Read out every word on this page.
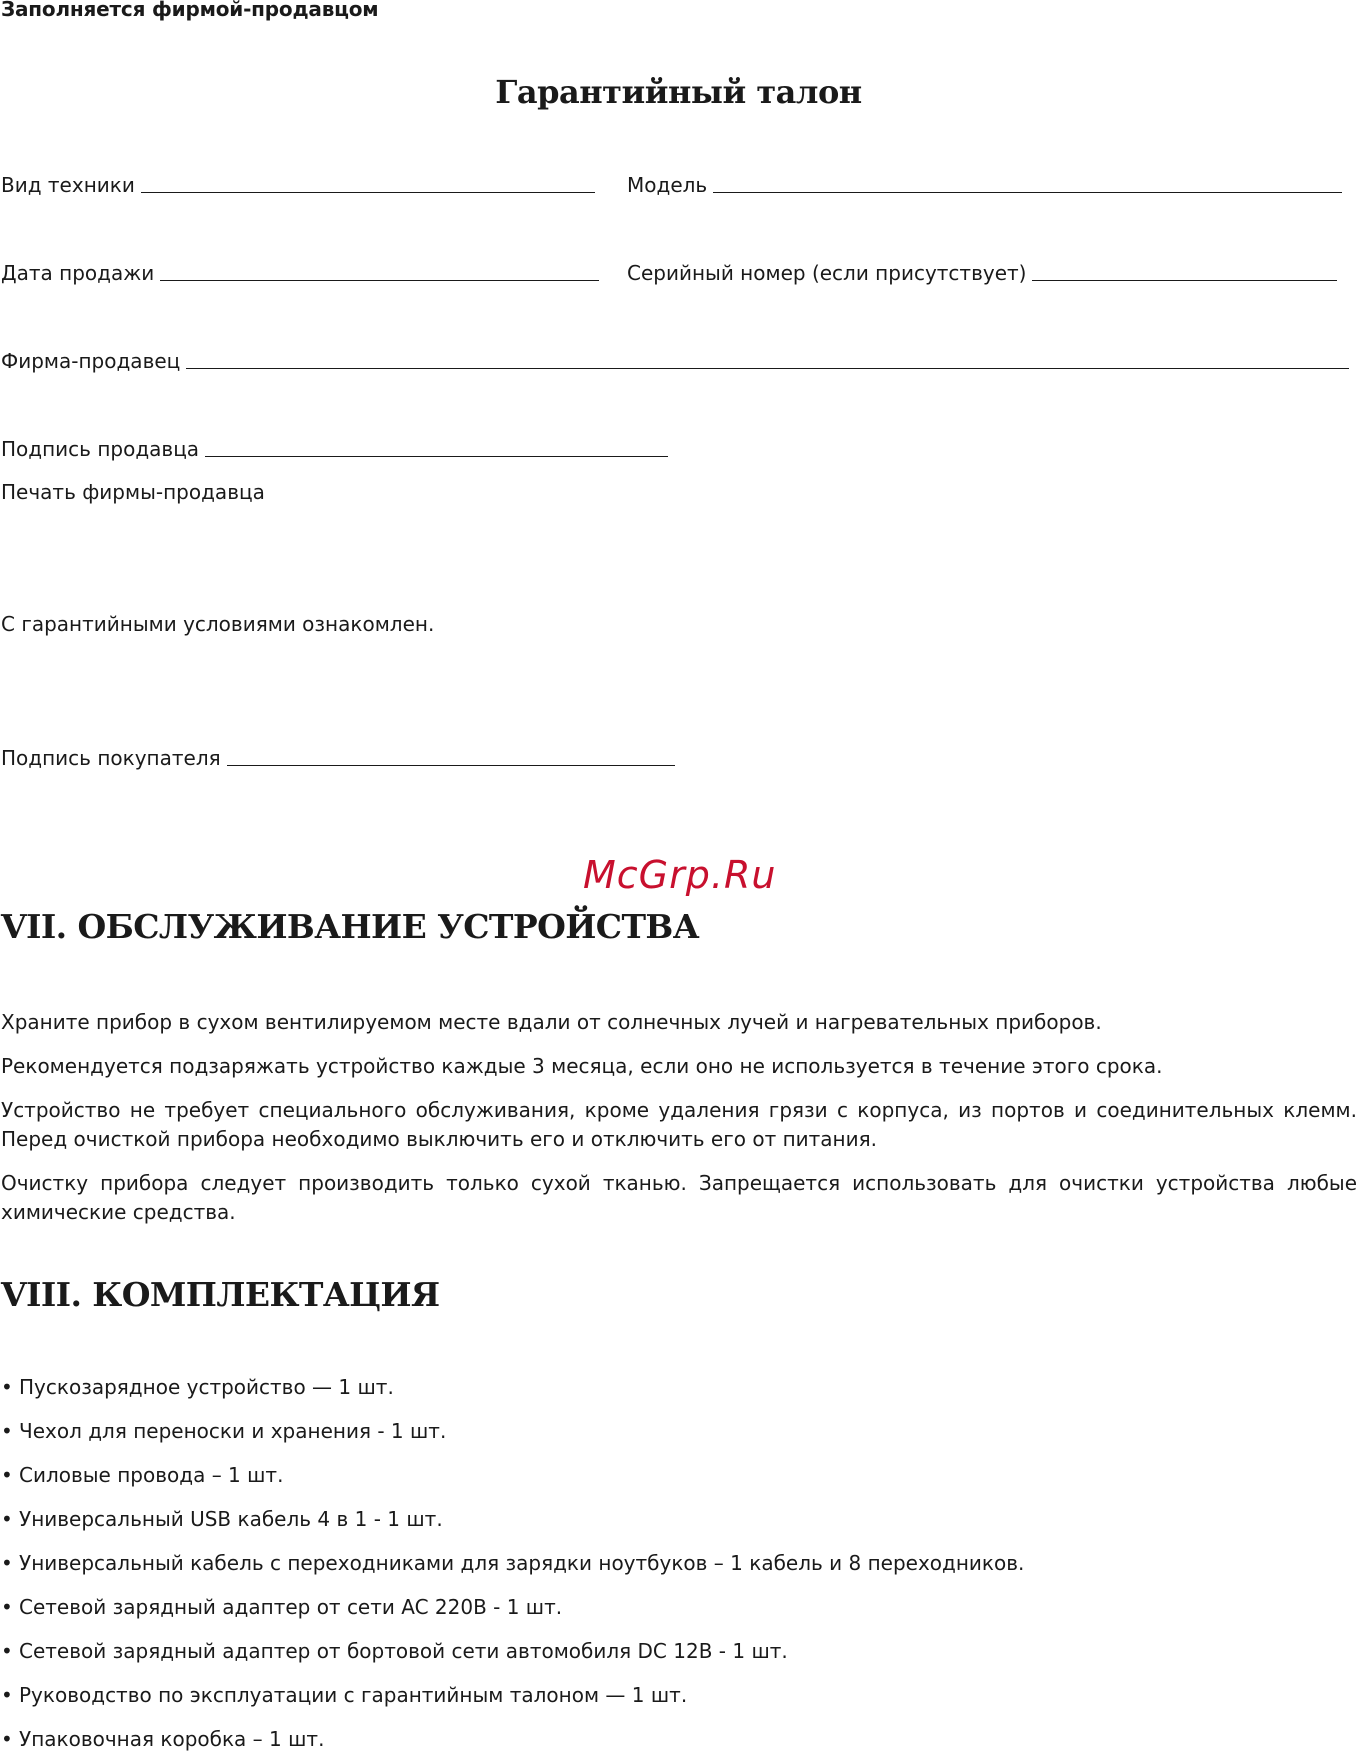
Заполняется фирмой-продавцом
Гарантийный талон
Вид техники	Модель
Дата продажи	Серийный номер (если присутствует)
Фирма-продавец
Подпись продавца
Печать фирмы-продавца
С гарантийными условиями ознакомлен.
Подпись покупателя
McGrp.Ru
VII. ОБСЛУЖИВАНИЕ УСТРОЙСТВА
Храните прибор в сухом вентилируемом месте вдали от солнечных лучей и нагревательных приборов.
Рекомендуется подзаряжать устройство каждые 3 месяца, если оно не используется в течение этого срока.
Устройство не требует специального обслуживания, кроме удаления грязи с корпуса, из портов и соединительных клемм. Перед очисткой прибора необходимо выключить его и отключить его от питания.
Очистку прибора следует производить только сухой тканью. Запрещается использовать для очистки устройства любые химические средства.
VIII. КОМПЛЕКТАЦИЯ
• Пускозарядное устройство — 1 шт.
• Чехол для переноски и хранения - 1 шт.
• Силовые провода – 1 шт.
• Универсальный USB кабель 4 в 1 - 1 шт.
• Универсальный кабель с переходниками для зарядки ноутбуков – 1 кабель и 8 переходников.
• Сетевой зарядный адаптер от сети AC 220В - 1 шт.
• Сетевой зарядный адаптер от бортовой сети автомобиля DC 12В - 1 шт.
• Руководство по эксплуатации с гарантийным талоном — 1 шт.
• Упаковочная коробка – 1 шт.
